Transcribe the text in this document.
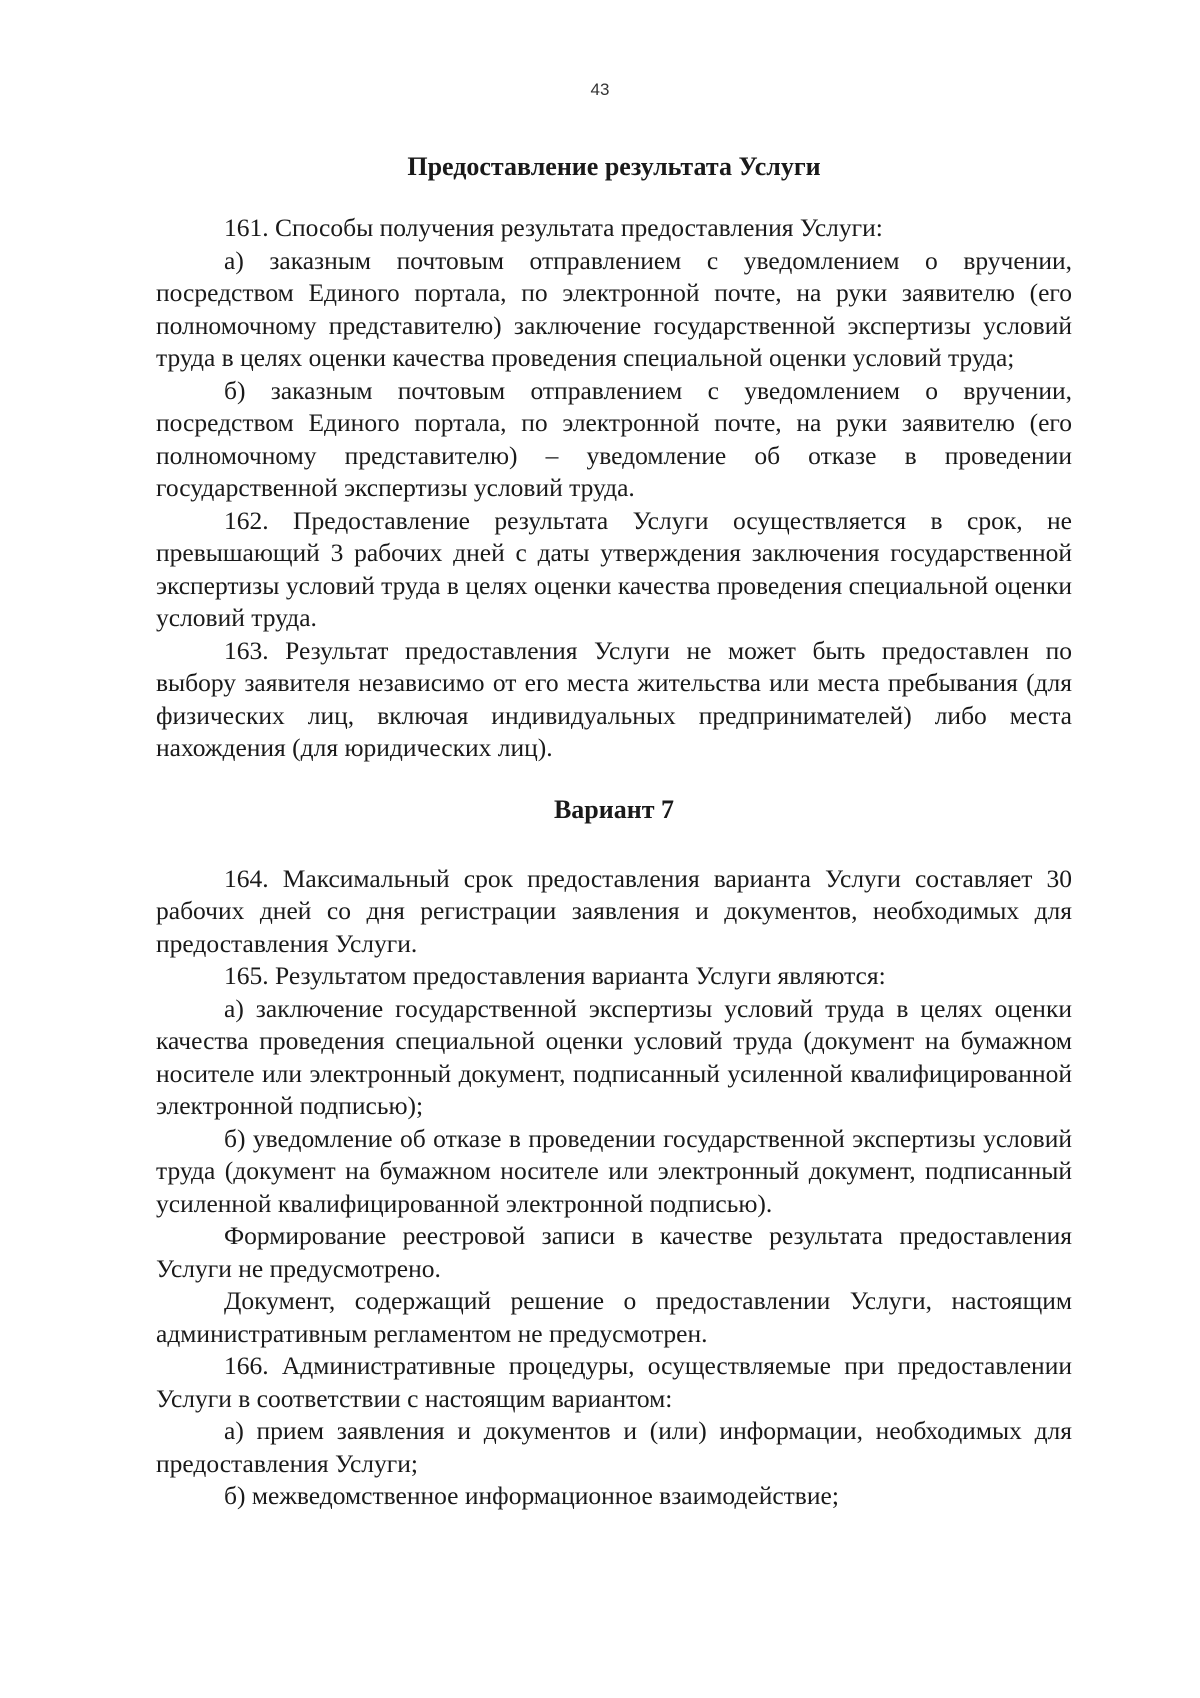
43
Предоставление результата Услуги

161. Способы получения результата предоставления Услуги:

а) заказным почтовым отправлением с уведомлением о вручении, посредством Единого портала, по электронной почте, на руки заявителю (его полномочному представителю) заключение государственной экспертизы условий труда в целях оценки качества проведения специальной оценки условий труда;

б) заказным почтовым отправлением с уведомлением о вручении, посредством Единого портала, по электронной почте, на руки заявителю (его полномочному представителю) – уведомление об отказе в проведении государственной экспертизы условий труда.

162. Предоставление результата Услуги осуществляется в срок, не превышающий 3 рабочих дней с даты утверждения заключения государственной экспертизы условий труда в целях оценки качества проведения специальной оценки условий труда.

163. Результат предоставления Услуги не может быть предоставлен по выбору заявителя независимо от его места жительства или места пребывания (для физических лиц, включая индивидуальных предпринимателей) либо места нахождения (для юридических лиц).

Вариант 7

164. Максимальный срок предоставления варианта Услуги составляет 30 рабочих дней со дня регистрации заявления и документов, необходимых для предоставления Услуги.

165. Результатом предоставления варианта Услуги являются:

а) заключение государственной экспертизы условий труда в целях оценки качества проведения специальной оценки условий труда (документ на бумажном носителе или электронный документ, подписанный усиленной квалифицированной электронной подписью);

б) уведомление об отказе в проведении государственной экспертизы условий труда (документ на бумажном носителе или электронный документ, подписанный усиленной квалифицированной электронной подписью).

Формирование реестровой записи в качестве результата предоставления Услуги не предусмотрено.

Документ, содержащий решение о предоставлении Услуги, настоящим административным регламентом не предусмотрен.

166. Административные процедуры, осуществляемые при предоставлении Услуги в соответствии с настоящим вариантом:

а) прием заявления и документов и (или) информации, необходимых для предоставления Услуги;

б) межведомственное информационное взаимодействие;
